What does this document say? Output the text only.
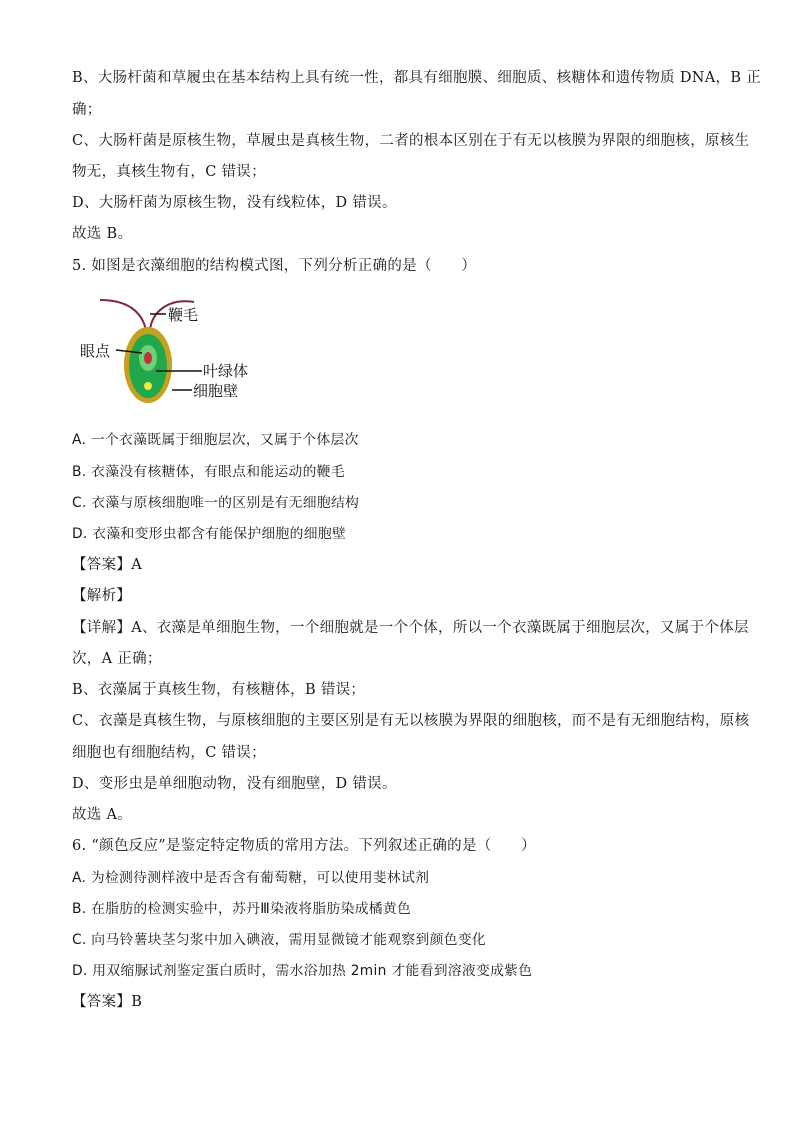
B、大肠杆菌和草履虫在基本结构上具有统一性，都具有细胞膜、细胞质、核糖体和遗传物质 DNA，B 正
确；
C、大肠杆菌是原核生物，草履虫是真核生物，二者的根本区别在于有无以核膜为界限的细胞核，原核生
物无，真核生物有，C 错误；
D、大肠杆菌为原核生物，没有线粒体，D 错误。
故选 B。
5. 如图是衣藻细胞的结构模式图，下列分析正确的是（　　）
鞭毛
眼点
叶绿体
细胞壁
A. 一个衣藻既属于细胞层次，又属于个体层次
B. 衣藻没有核糖体，有眼点和能运动的鞭毛
C. 衣藻与原核细胞唯一的区别是有无细胞结构
D. 衣藻和变形虫都含有能保护细胞的细胞壁
【答案】A
【解析】
【详解】A、衣藻是单细胞生物，一个细胞就是一个个体，所以一个衣藻既属于细胞层次，又属于个体层
次，A 正确；
B、衣藻属于真核生物，有核糖体，B 错误；
C、衣藻是真核生物，与原核细胞的主要区别是有无以核膜为界限的细胞核，而不是有无细胞结构，原核
细胞也有细胞结构，C 错误；
D、变形虫是单细胞动物，没有细胞壁，D 错误。
故选 A。
6. “颜色反应”是鉴定特定物质的常用方法。下列叙述正确的是（　　）
A. 为检测待测样液中是否含有葡萄糖，可以使用斐林试剂
B. 在脂肪的检测实验中，苏丹Ⅲ染液将脂肪染成橘黄色
C. 向马铃薯块茎匀浆中加入碘液，需用显微镜才能观察到颜色变化
D. 用双缩脲试剂鉴定蛋白质时，需水浴加热 2min 才能看到溶液变成紫色
【答案】B
